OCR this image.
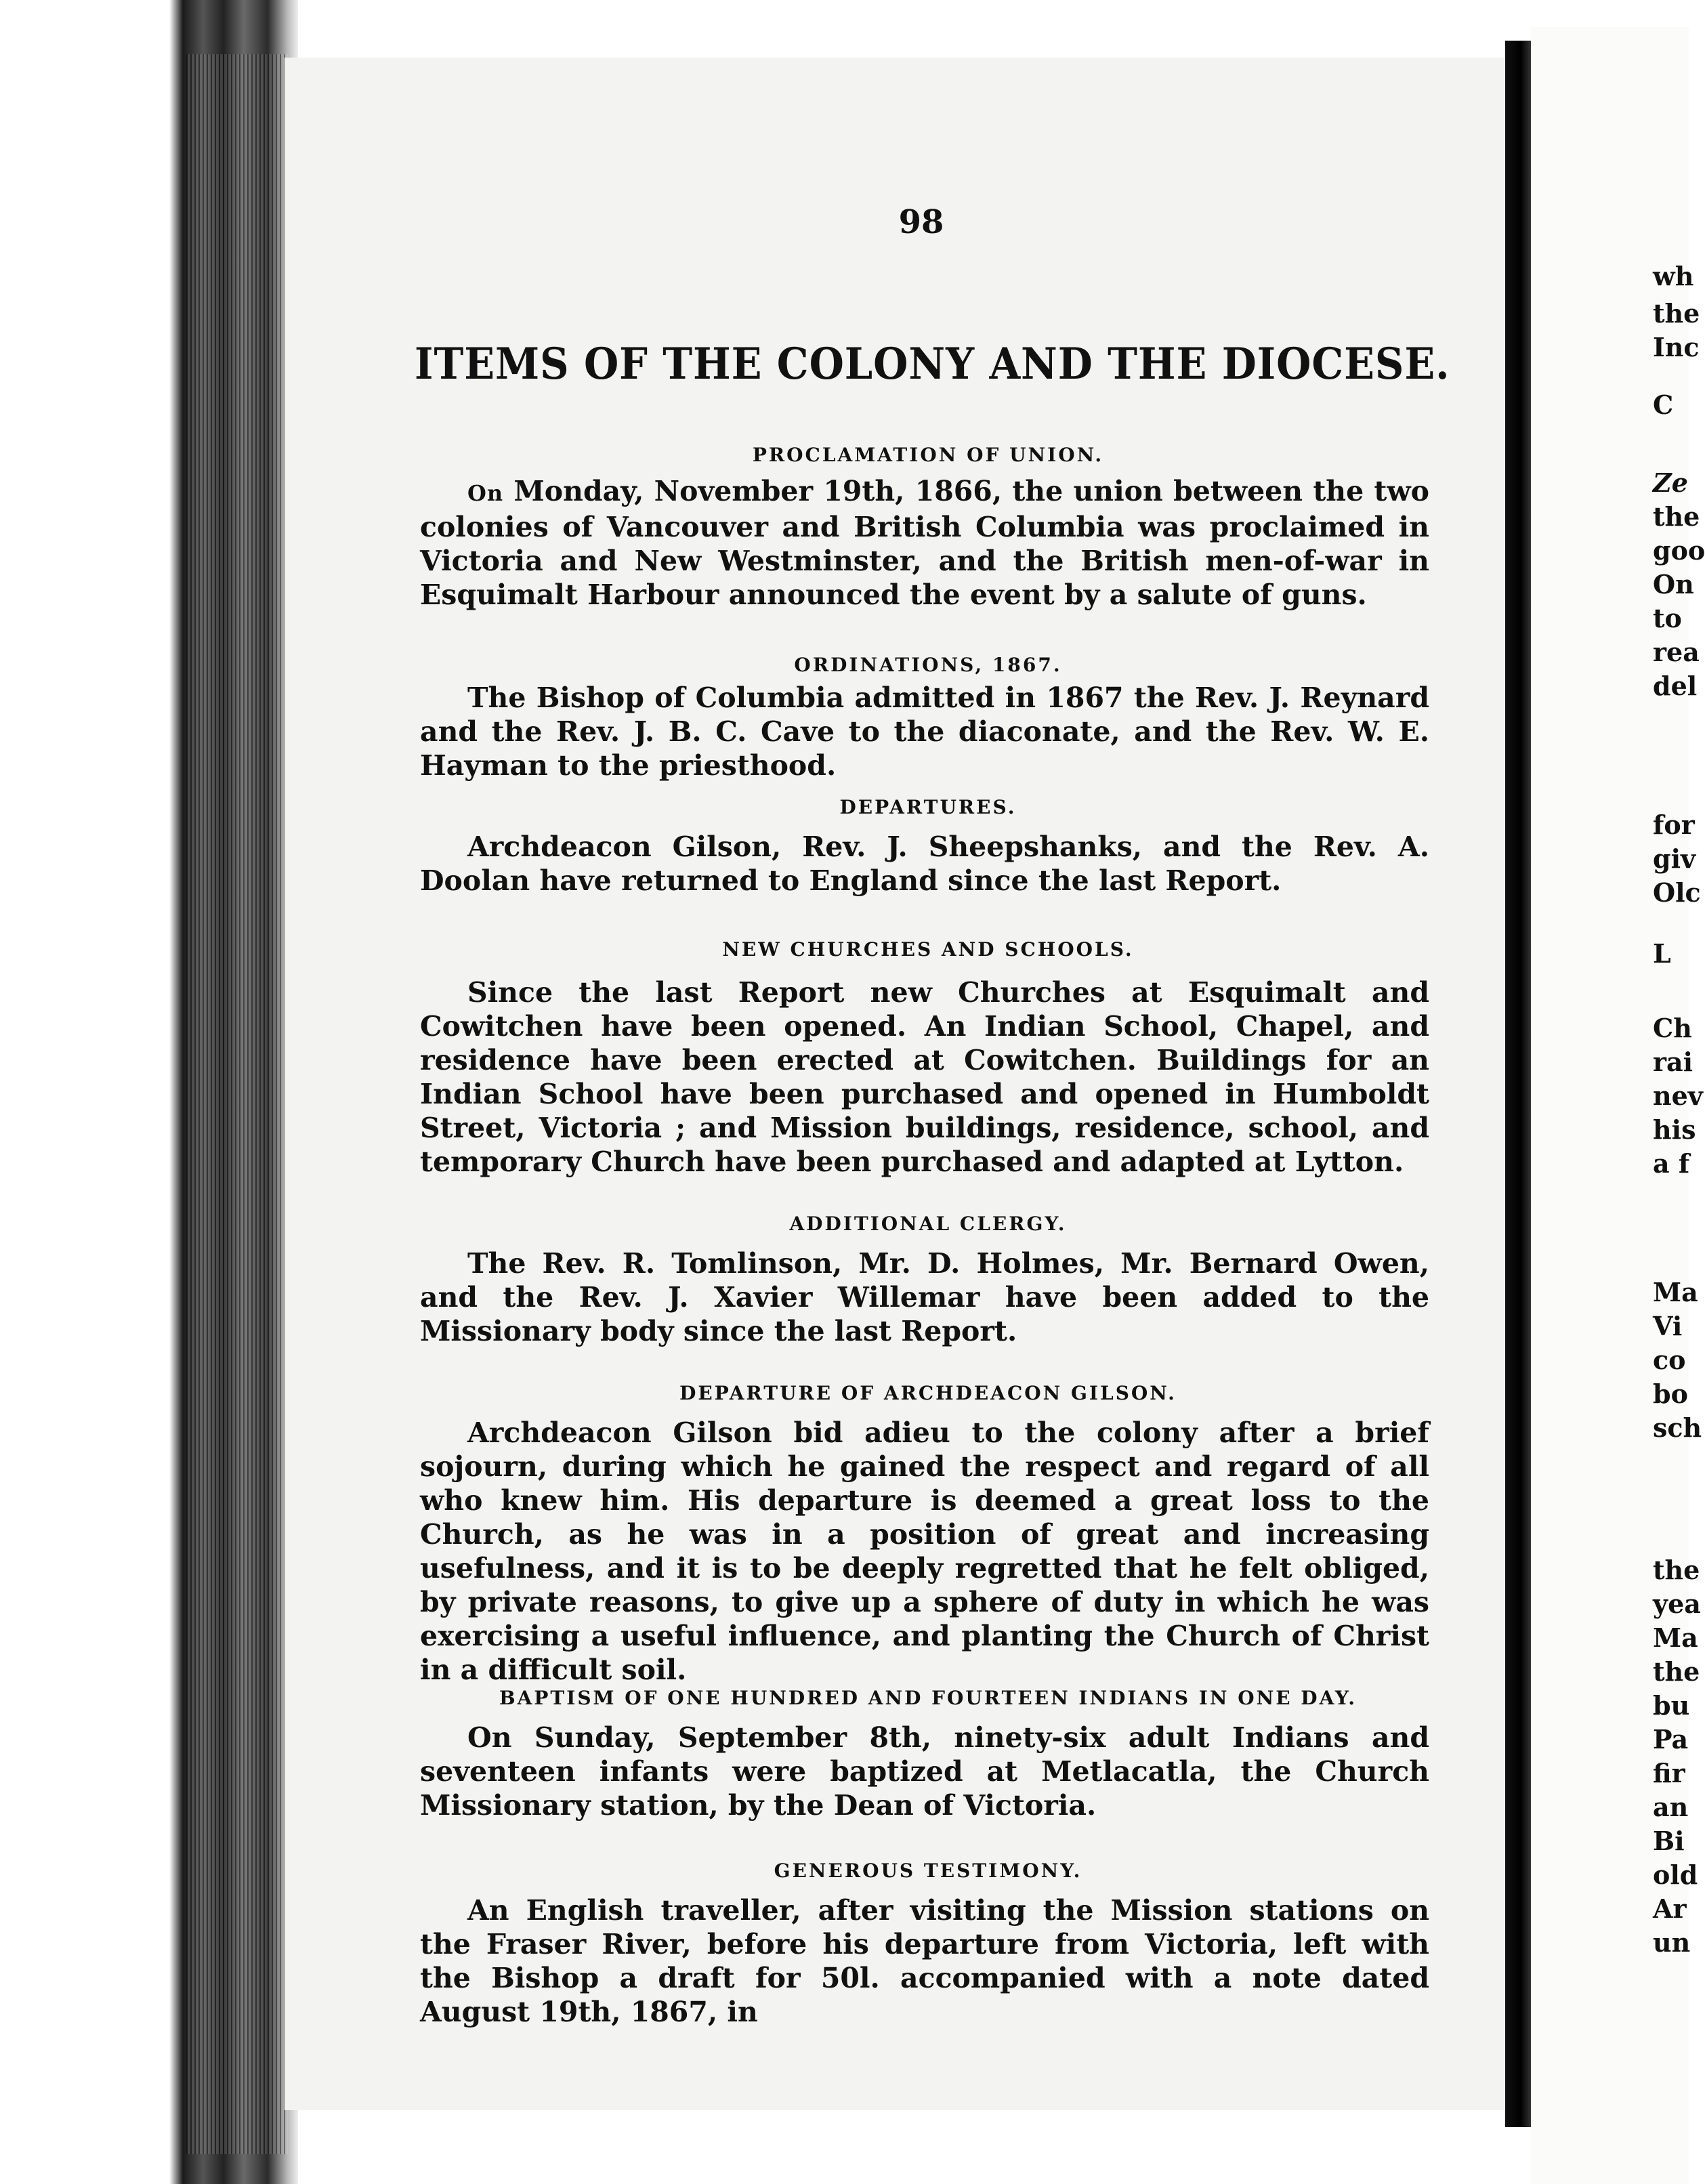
wh
the
Inc
C
Ze
the
goo
On
to
rea
del
for
giv
Olc
L
Ch
rai
nev
his
a f
Ma
Vi
co
bo
sch
the
yea
Ma
the
bu
Pa
fir
an
Bi
old
Ar
un
98
ITEMS OF THE COLONY AND THE DIOCESE.
PROCLAMATION OF UNION.
On Monday, November 19th, 1866, the union between the two colonies of Vancouver and British Columbia was proclaimed in Victoria and New Westminster, and the British men-of-war in Esquimalt Harbour announced the event by a salute of guns.
ORDINATIONS, 1867.
The Bishop of Columbia admitted in 1867 the Rev. J. Reynard and the Rev. J. B. C. Cave to the diaconate, and the Rev. W. E. Hayman to the priesthood.
DEPARTURES.
Archdeacon Gilson, Rev. J. Sheepshanks, and the Rev. A. Doolan have returned to England since the last Report.
NEW CHURCHES AND SCHOOLS.
Since the last Report new Churches at Esquimalt and Cowitchen have been opened. An Indian School, Chapel, and residence have been erected at Cowitchen. Buildings for an Indian School have been purchased and opened in Humboldt Street, Victoria ; and Mission buildings, residence, school, and temporary Church have been purchased and adapted at Lytton.
ADDITIONAL CLERGY.
The Rev. R. Tomlinson, Mr. D. Holmes, Mr. Bernard Owen, and the Rev. J. Xavier Willemar have been added to the Missionary body since the last Report.
DEPARTURE OF ARCHDEACON GILSON.
Archdeacon Gilson bid adieu to the colony after a brief sojourn, during which he gained the respect and regard of all who knew him. His departure is deemed a great loss to the Church, as he was in a position of great and increasing usefulness, and it is to be deeply regretted that he felt obliged, by private reasons, to give up a sphere of duty in which he was exercising a useful influence, and planting the Church of Christ in a difficult soil.
BAPTISM OF ONE HUNDRED AND FOURTEEN INDIANS IN ONE DAY.
On Sunday, September 8th, ninety-six adult Indians and seventeen infants were baptized at Metlacatla, the Church Missionary station, by the Dean of Victoria.
GENEROUS TESTIMONY.
An English traveller, after visiting the Mission stations on the Fraser River, before his departure from Victoria, left with the Bishop a draft for 50l. accompanied with a note dated August 19th, 1867, in
